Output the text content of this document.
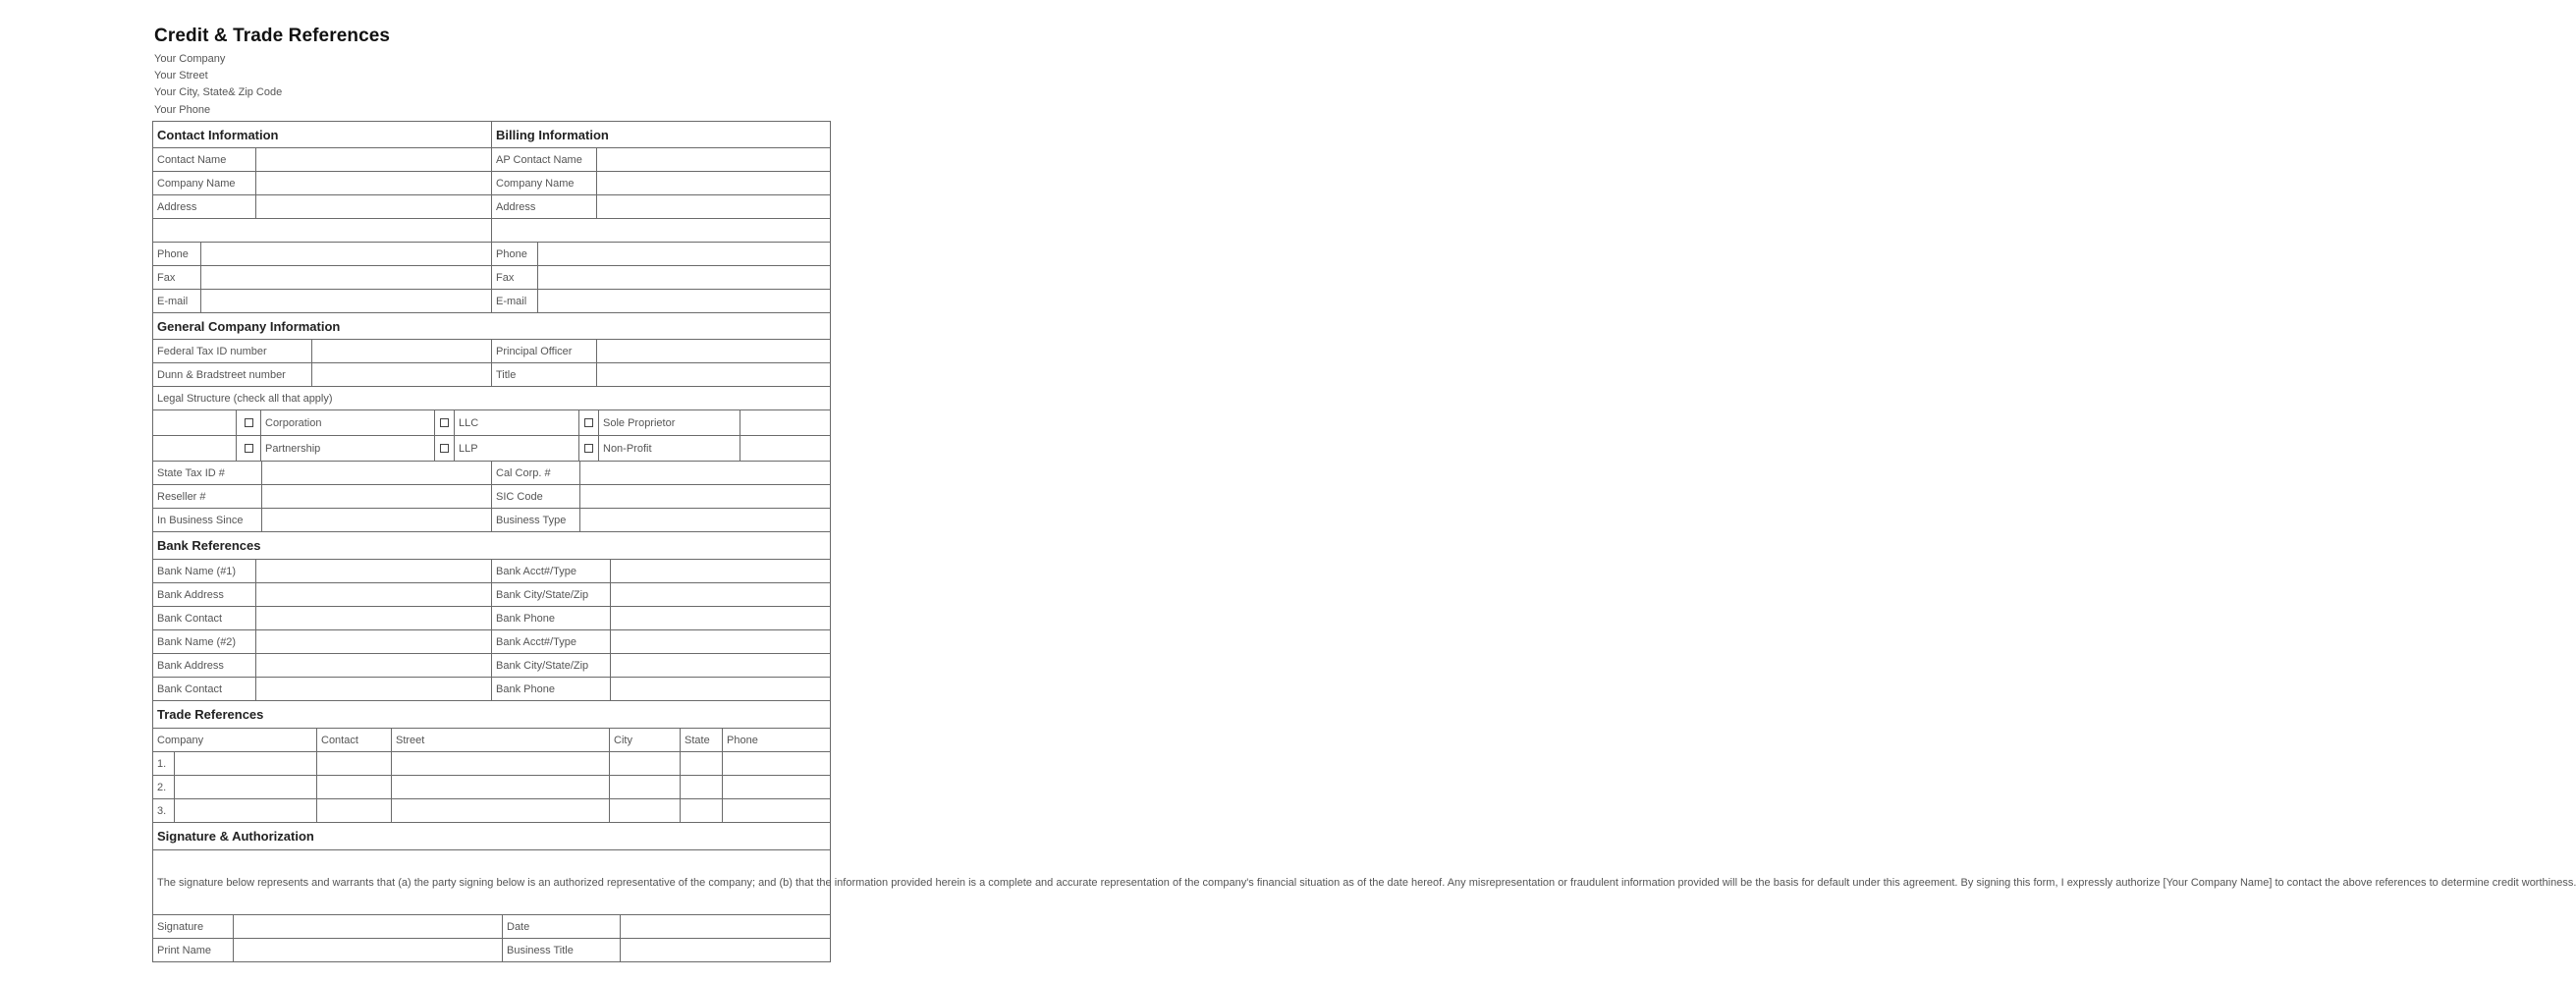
Credit & Trade References
Your Company
Your Street
Your City, State& Zip Code
Your Phone
Contact Information		Billing Information	
Contact Name		AP Contact Name	
Company Name		Company Name	
Address		Address	

Phone		Phone	
Fax		Fax	
E-mail		E-mail	
General Company Information			
Federal Tax ID number		Principal Officer	
Dunn & Bradstreet number		Title	
Legal Structure (check all that apply)			
		Corporation		LLC		Sole Proprietor	
		Partnership		LLP		Non-Profit	
State Tax ID #		Cal Corp. #	
Reseller #		SIC Code	
In Business Since		Business Type	
Bank References			
Bank Name (#1)		Bank Acct#/Type	
Bank Address		Bank City/State/Zip	
Bank Contact		Bank Phone	
Bank Name (#2)		Bank Acct#/Type	
Bank Address		Bank City/State/Zip	
Bank Contact		Bank Phone	
Trade References						
Company		Contact	Street	City	State	Phone
1.						
2.						
3.						
Signature & Authorization			
The signature below represents and warrants that (a) the party signing below is an authorized representative of the company; and (b) that the information provided herein is a complete and accurate representation of the company's financial situation as of the date hereof. Any misrepresentation or fraudulent information provided will be the basis for default under this agreement. By signing this form, I expressly authorize [Your Company Name] to contact the above references to determine credit worthiness.			
Signature		Date	
Print Name		Business Title	
